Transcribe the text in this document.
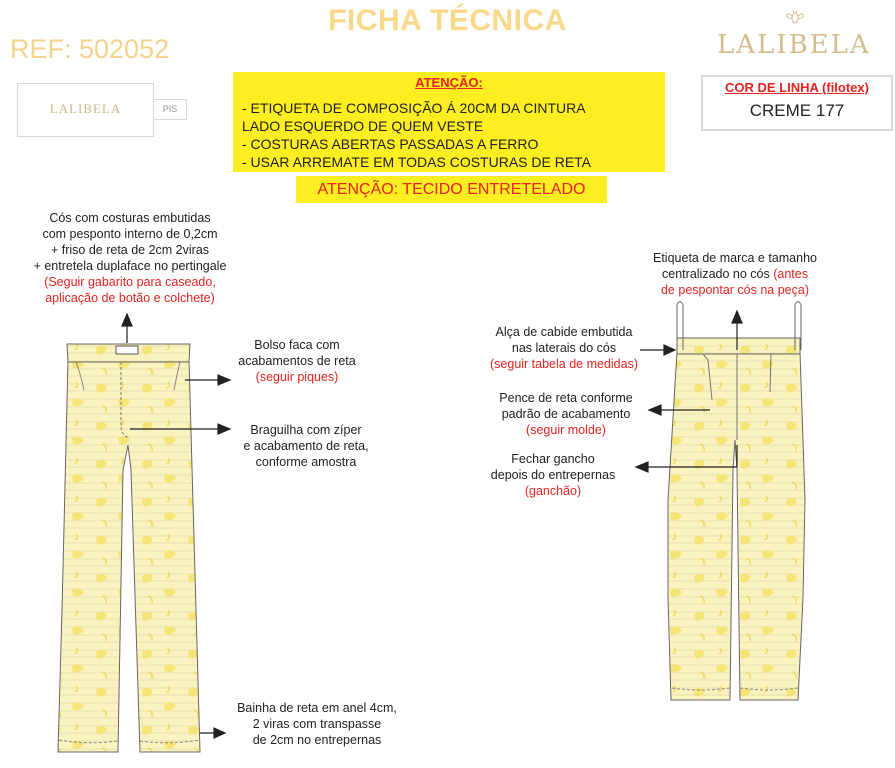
FICHA TÉCNICA
REF: 502052	LALIBELA
LALIBELA	PIS
ATENÇÃO:
- ETIQUETA DE COMPOSIÇÃO Á 20CM DA CINTURA
LADO ESQUERDO DE QUEM VESTE
- COSTURAS ABERTAS PASSADAS A FERRO
- USAR ARREMATE EM TODAS COSTURAS DE RETA
ATENÇÃO: TECIDO ENTRETELADO
COR DE LINHA (filotex)
CREME 177
Cós com costuras embutidas
com pesponto interno de 0,2cm
+ friso de reta de 2cm 2viras
+ entretela duplaface no pertingale
(Seguir gabarito para caseado,
aplicação de botão e colchete)
Bolso faca com
acabamentos de reta
(seguir piques)
Braguilha com zíper
e acabamento de reta,
conforme amostra
Bainha de reta em anel 4cm,
2 viras com transpasse
de 2cm no entrepernas
Etiqueta de marca e tamanho
centralizado no cós (antes
de pespontar cós na peça)
Alça de cabide embutida
nas laterais do cós
(seguir tabela de medidas)
Pence de reta conforme
padrão de acabamento
(seguir molde)
Fechar gancho
depois do entrepernas
(ganchão)
